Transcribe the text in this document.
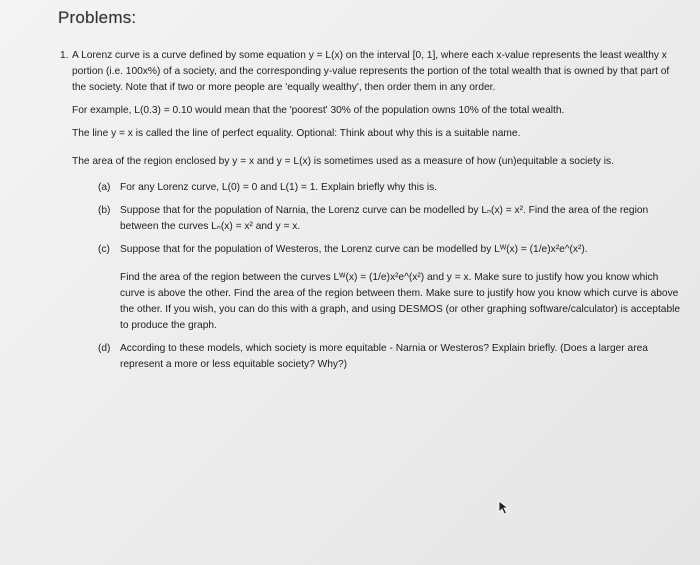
Problems:
1. A Lorenz curve is a curve defined by some equation y = L(x) on the interval [0, 1], where each x-value represents the least wealthy x portion (i.e. 100x%) of a society, and the corresponding y-value represents the portion of the total wealth that is owned by that part of the society. Note that if two or more people are 'equally wealthy', then order them in any order.

For example, L(0.3) = 0.10 would mean that the 'poorest' 30% of the population owns 10% of the total wealth.

The line y = x is called the line of perfect equality. Optional: Think about why this is a suitable name.

The area of the region enclosed by y = x and y = L(x) is sometimes used as a measure of how (un)equitable a society is.

(a) For any Lorenz curve, L(0) = 0 and L(1) = 1. Explain briefly why this is.

(b) Suppose that for the population of Narnia, the Lorenz curve can be modelled by Lₙ(x) = x². Find the area of the region between the curves Lₙ(x) = x² and y = x.

(c) Suppose that for the population of Westeros, the Lorenz curve can be modelled by Lᵂ(x) = (1/e)x²e^(x²).

Find the area of the region between the curves Lᵂ(x) = (1/e)x²e^(x²) and y = x. Make sure to justify how you know which curve is above the other. Find the area of the region between them. Make sure to justify how you know which curve is above the other. If you wish, you can do this with a graph, and using DESMOS (or other graphing software/calculator) is acceptable to produce the graph.

(d) According to these models, which society is more equitable - Narnia or Westeros? Explain briefly. (Does a larger area represent a more or less equitable society? Why?)
